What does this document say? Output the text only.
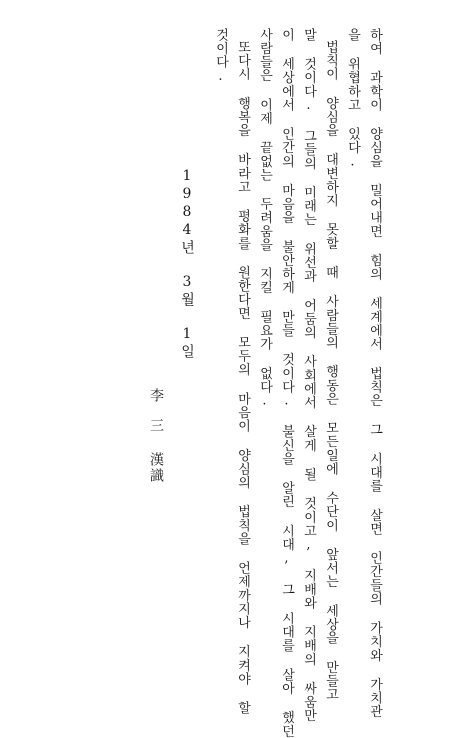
하여 과학이 양심을 밀어내면 힘의 세계에서 법칙은 그 시대를 살면 인간들의 가치와 가치관
을 위협하고 있다.
법칙이 양심을 대변하지 못할 때 사람들의 행동은 모든일에 수단이 앞서는 세상을 만들고
말 것이다. 그들의 미래는 위선과 어둠의 사회에서 살게 될 것이고, 지배와 지배의 싸움만
이 세상에서 인간의 마음을 불안하게 만들 것이다. 불신을 알린 시대, 그 시대를 살아 했던
사람들은 이제 끝없는 두려움을 지킬 필요가 없다.
또다시 행복을 바라고 평화를 원한다면 모두의 마음이 양심의 법칙을 언제까지나 지켜야 할
것이다.
1984년 3월 1일
李 三
漢識
